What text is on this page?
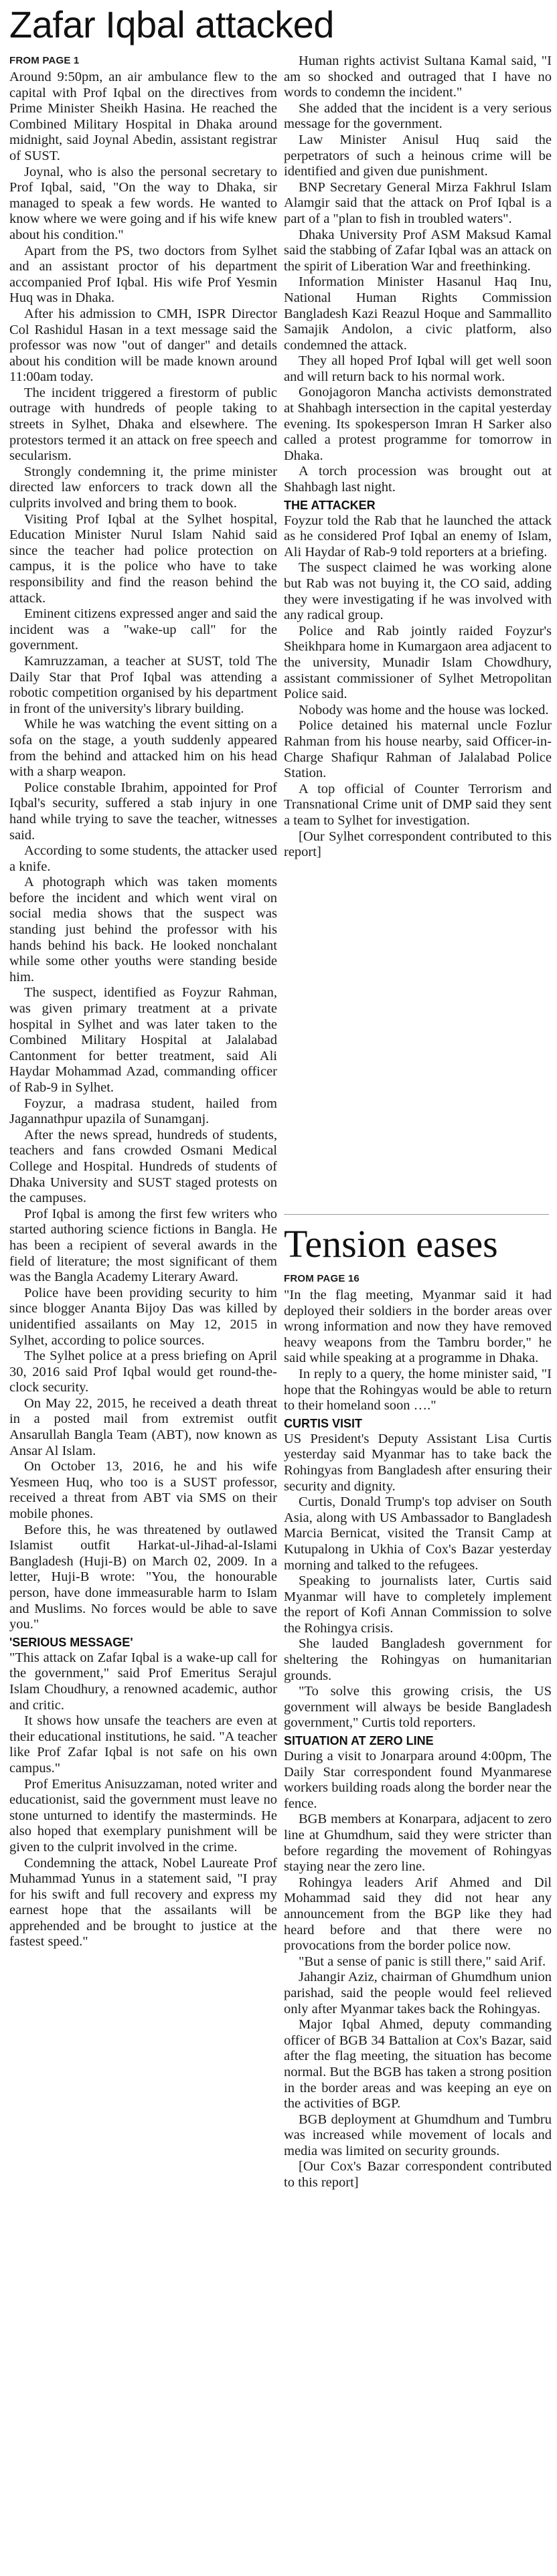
Zafar Iqbal attacked
FROM PAGE 1

Around 9:50pm, an air ambulance flew to the capital with Prof Iqbal on the directives from Prime Minister Sheikh Hasina. He reached the Combined Military Hospital in Dhaka around midnight, said Joynal Abedin, assistant registrar of SUST.

Joynal, who is also the personal secretary to Prof Iqbal, said, "On the way to Dhaka, sir managed to speak a few words. He wanted to know where we were going and if his wife knew about his condition."

Apart from the PS, two doctors from Sylhet and an assistant proctor of his department accompanied Prof Iqbal. His wife Prof Yesmin Huq was in Dhaka.

After his admission to CMH, ISPR Director Col Rashidul Hasan in a text message said the professor was now "out of danger" and details about his condition will be made known around 11:00am today.

The incident triggered a firestorm of public outrage with hundreds of people taking to streets in Sylhet, Dhaka and elsewhere. The protestors termed it an attack on free speech and secularism.

Strongly condemning it, the prime minister directed law enforcers to track down all the culprits involved and bring them to book.

Visiting Prof Iqbal at the Sylhet hospital, Education Minister Nurul Islam Nahid said since the teacher had police protection on campus, it is the police who have to take responsibility and find the reason behind the attack.

Eminent citizens expressed anger and said the incident was a "wake-up call" for the government.

Kamruzzaman, a teacher at SUST, told The Daily Star that Prof Iqbal was attending a robotic competition organised by his department in front of the university's library building.

While he was watching the event sitting on a sofa on the stage, a youth suddenly appeared from the behind and attacked him on his head with a sharp weapon.

Police constable Ibrahim, appointed for Prof Iqbal's security, suffered a stab injury in one hand while trying to save the teacher, witnesses said.

According to some students, the attacker used a knife.

A photograph which was taken moments before the incident and which went viral on social media shows that the suspect was standing just behind the professor with his hands behind his back. He looked nonchalant while some other youths were standing beside him.

The suspect, identified as Foyzur Rahman, was given primary treatment at a private hospital in Sylhet and was later taken to the Combined Military Hospital at Jalalabad Cantonment for better treatment, said Ali Haydar Mohammad Azad, commanding officer of Rab-9 in Sylhet.

Foyzur, a madrasa student, hailed from Jagannathpur upazila of Sunamganj.

After the news spread, hundreds of students, teachers and fans crowded Osmani Medical College and Hospital. Hundreds of students of Dhaka University and SUST staged protests on the campuses.

Prof Iqbal is among the first few writers who started authoring science fictions in Bangla. He has been a recipient of several awards in the field of literature; the most significant of them was the Bangla Academy Literary Award.

Police have been providing security to him since blogger Ananta Bijoy Das was killed by unidentified assailants on May 12, 2015 in Sylhet, according to police sources.

The Sylhet police at a press briefing on April 30, 2016 said Prof Iqbal would get round-the-clock security.

On May 22, 2015, he received a death threat in a posted mail from extremist outfit Ansarullah Bangla Team (ABT), now known as Ansar Al Islam.

On October 13, 2016, he and his wife Yesmeen Huq, who too is a SUST professor, received a threat from ABT via SMS on their mobile phones.

Before this, he was threatened by outlawed Islamist outfit Harkat-ul-Jihad-al-Islami Bangladesh (Huji-B) on March 02, 2009. In a letter, Huji-B wrote: "You, the honourable person, have done immeasurable harm to Islam and Muslims. No forces would be able to save you."

'SERIOUS MESSAGE'

"This attack on Zafar Iqbal is a wake-up call for the government," said Prof Emeritus Serajul Islam Choudhury, a renowned academic, author and critic.

It shows how unsafe the teachers are even at their educational institutions, he said. "A teacher like Prof Zafar Iqbal is not safe on his own campus."

Prof Emeritus Anisuzzaman, noted writer and educationist, said the government must leave no stone unturned to identify the masterminds. He also hoped that exemplary punishment will be given to the culprit involved in the crime.

Condemning the attack, Nobel Laureate Prof Muhammad Yunus in a statement said, "I pray for his swift and full recovery and express my earnest hope that the assailants will be apprehended and be brought to justice at the fastest speed."

Human rights activist Sultana Kamal said, "I am so shocked and outraged that I have no words to condemn the incident."

She added that the incident is a very serious message for the government.

Law Minister Anisul Huq said the perpetrators of such a heinous crime will be identified and given due punishment.

BNP Secretary General Mirza Fakhrul Islam Alamgir said that the attack on Prof Iqbal is a part of a "plan to fish in troubled waters".

Dhaka University Prof ASM Maksud Kamal said the stabbing of Zafar Iqbal was an attack on the spirit of Liberation War and freethinking.

Information Minister Hasanul Haq Inu, National Human Rights Commission Bangladesh Kazi Reazul Hoque and Sammallito Samajik Andolon, a civic platform, also condemned the attack.

They all hoped Prof Iqbal will get well soon and will return back to his normal work.

Gonojagoron Mancha activists demonstrated at Shahbagh intersection in the capital yesterday evening. Its spokesperson Imran H Sarker also called a protest programme for tomorrow in Dhaka.

A torch procession was brought out at Shahbagh last night.

THE ATTACKER

Foyzur told the Rab that he launched the attack as he considered Prof Iqbal an enemy of Islam, Ali Haydar of Rab-9 told reporters at a briefing.

The suspect claimed he was working alone but Rab was not buying it, the CO said, adding they were investigating if he was involved with any radical group.

Police and Rab jointly raided Foyzur's Sheikhpara home in Kumargaon area adjacent to the university, Munadir Islam Chowdhury, assistant commissioner of Sylhet Metropolitan Police said.

Nobody was home and the house was locked.

Police detained his maternal uncle Fozlur Rahman from his house nearby, said Officer-in-Charge Shafiqur Rahman of Jalalabad Police Station.

A top official of Counter Terrorism and Transnational Crime unit of DMP said they sent a team to Sylhet for investigation.

[Our Sylhet correspondent contributed to this report]

Tension eases
FROM PAGE 16

"In the flag meeting, Myanmar said it had deployed their soldiers in the border areas over wrong information and now they have removed heavy weapons from the Tambru border," he said while speaking at a programme in Dhaka.

In reply to a query, the home minister said, "I hope that the Rohingyas would be able to return to their homeland soon …."

CURTIS VISIT

US President's Deputy Assistant Lisa Curtis yesterday said Myanmar has to take back the Rohingyas from Bangladesh after ensuring their security and dignity.

Curtis, Donald Trump's top adviser on South Asia, along with US Ambassador to Bangladesh Marcia Bernicat, visited the Transit Camp at Kutupalong in Ukhia of Cox's Bazar yesterday morning and talked to the refugees.

Speaking to journalists later, Curtis said Myanmar will have to completely implement the report of Kofi Annan Commission to solve the Rohingya crisis.

She lauded Bangladesh government for sheltering the Rohingyas on humanitarian grounds.

"To solve this growing crisis, the US government will always be beside Bangladesh government," Curtis told reporters.

SITUATION AT ZERO LINE

During a visit to Jonarpara around 4:00pm, The Daily Star correspondent found Myanmarese workers building roads along the border near the fence.

BGB members at Konarpara, adjacent to zero line at Ghumdhum, said they were stricter than before regarding the movement of Rohingyas staying near the zero line.

Rohingya leaders Arif Ahmed and Dil Mohammad said they did not hear any announcement from the BGP like they had heard before and that there were no provocations from the border police now.

"But a sense of panic is still there," said Arif.

Jahangir Aziz, chairman of Ghumdhum union parishad, said the people would feel relieved only after Myanmar takes back the Rohingyas.

Major Iqbal Ahmed, deputy commanding officer of BGB 34 Battalion at Cox's Bazar, said after the flag meeting, the situation has become normal. But the BGB has taken a strong position in the border areas and was keeping an eye on the activities of BGP.

BGB deployment at Ghumdhum and Tumbru was increased while movement of locals and media was limited on security grounds.

[Our Cox's Bazar correspondent contributed to this report]
